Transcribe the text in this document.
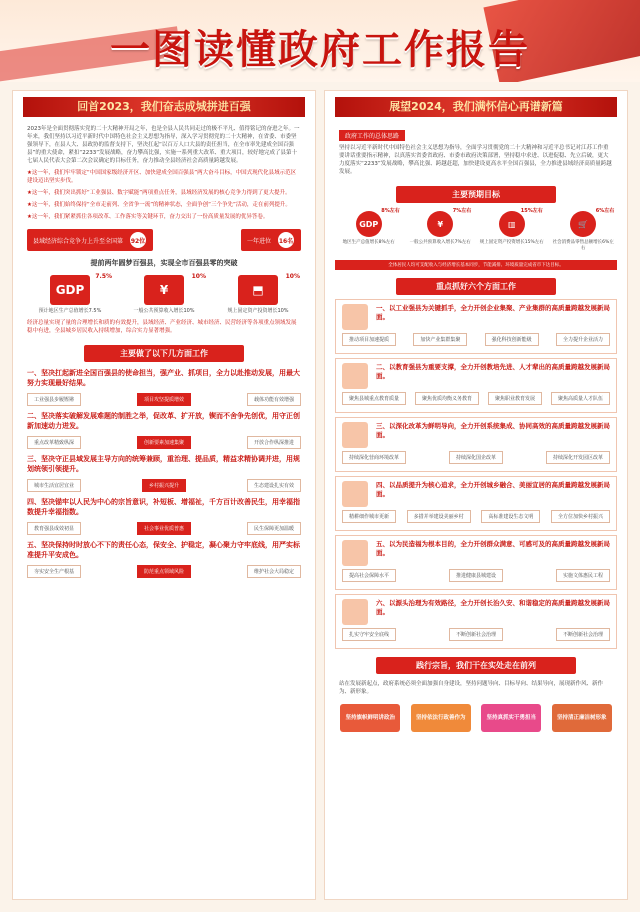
一图读懂政府工作报告
回首2023，我们奋志成城拼进百强
2023年是全面贯彻落实党的二十大精神开局之年，也是全县人民共同走过的极不平凡、值得铭记的奋进之年。一年来，我们坚持以习近平新时代中国特色社会主义思想为指导，深入学习贯彻党的二十大精神，在省委、市委坚强领导下，在县人大、县政协的监督支持下，坚决扛起“以百万人口大县的责任担当，在全市率先建成全国百强县”的重大使命，紧扣“2233”发展战略，奋力攀高比强，实施一系列重大改革、重大项目，较好地完成了县第十七届人民代表大会第二次会议确定的目标任务，奋力推动全县经济社会高质量跨越发展。
★这一年，我们牢牢锁定“中国国家级经济开区、加快建成全国百强县”两大奋斗目标，中国式现代化县域示范区建设迈出坚实步伐。
★这一年，我们突出抓好“工业强县、数字赋能”两项重点任务，县域经济发展的核心竞争力得到了更大提升。
★这一年，我们始终保持“全市走前列、全省争一流”的精神状态，全面争创“三个争先”活动，走在前列提升。
★这一年，我们紧紧抓住各项改革、工作落实等关键环节，奋力交出了一份高质量发展的优异答卷。
县域经济综合竞争力上升至全国第	92位	一年进位	16名
提前两年圆梦百强县，实现全市百强县零的突破
GDP
7.5%
预计地区生产总值增长7.5%
¥
10%
一般公共预算收入增长10%
⬒
10%
规上固定资产投资增长10%
经济总量实现了量的合理增长和质的有效提升，县域经济、产业经济、城市经济、民营经济等各项重点领域发展稳中有进，全县城乡居民收入持续增加，综合实力显著增强。
主要做了以下几方面工作
一、坚决扛起新进全国百强县的使命担当，强产业、抓项目，全力以赴推动发展，用最大努力实现最好结果。
工业强县步履铿锵	项目攻坚提质增效	载体功能有效增强
二、坚决落实破解发展难题的制胜之举，促改革、扩开放，锲而不舍争先创优，用守正创新加速动力迸发。
重点改革精致纵深	创新要素加速集聚	开放合作纵深推进
三、坚决守正县域发展主导方向的统筹兼顾，重治理、提品质，精益求精协调并进，用规划统领引领提升。
城市生活宜居宜业	乡村振兴提升	生态建设扎实有效
四、坚决锚牢以人民为中心的宗旨意识，补短板、增福祉，千方百计改善民生，用幸福指数提升幸福指数。
教育强县成效初显	社会事业优质普惠	民生保障更加温暖
五、坚决保持时时放心不下的责任心态，保安全、护稳定，凝心聚力守牢底线，用严实标准提升平安成色。
夯实安全生产根基	防范重点领域风险	维护社会大局稳定
展望2024，我们满怀信心再谱新篇
政府工作的总体思路
坚持以习近平新时代中国特色社会主义思想为指导，全面学习贯彻党的二十大精神和习近平总书记对江苏工作重要讲话重要指示精神，以真落实省委省政府、市委市政府决策部署，坚持稳中求进、以进促稳、先立后破，更大力度落实“2233”发展战略，攀高比强、跨越赶超，加快建设更高水平全国百强县，全力推进县域经济高质量跨越发展。
主要预期目标
GDP
8%左右
地区生产总值增长8%左右
¥
7%左右
一般公共预算收入增长7%左右
▥
15%左右
规上固定资产投资增长15%左右
🛒
6%左右
社会消费品零售总额增长6%左右
全体居民人均可支配收入与经济增长基本同步，节能减排、环境质量完成省市下达目标。
重点抓好六个方面工作
一、以工业强县为关键抓手，全力开创企业集聚、产业集群的高质量跨越发展新局面。
推动项目加速提质	加快产业集群集聚	强化科技创新能级	全力提升企业活力
二、以教育强县为重要支撑，全力开创教培先进、人才辈出的高质量跨越发展新局面。
聚焦县城重点教育质量	聚焦优质均衡义务教育	聚焦职业教育发展	聚焦高质量人才队伍
三、以深化改革为鲜明导向，全力开创系统集成、协同高效的高质量跨越发展新局面。
持续深化营商环境改革	持续深化国企改革	持续深化开发园区改革
四、以品质提升为核心追求，全力开创城乡融合、美丽宜居的高质量跨越发展新局面。
精耕细作城市更新	多措并举建设美丽乡村	高标准建设生态文明	全方位加快乡村振兴
五、以为民造福为根本目的，全力开创群众满意、可感可及的高质量跨越发展新局面。
提高社会保障水平	推进健康县城建设	实施文体惠民工程
六、以源头治理为有效路径，全力开创长治久安、和谐稳定的高质量跨越发展新局面。
扎实守牢安全底线	不断创新社会治理	不断创新社会治理
践行宗旨，我们干在实处走在前列
站在发展新起点，政府系统必须全面加强自身建设，坚持问题导向、目标导向、结果导向，展现新作风、新作为、新形象。
坚持旗帜鲜明讲政治	坚持依法行政善作为	坚持真抓实干勇担当	坚持清正廉洁树形象
